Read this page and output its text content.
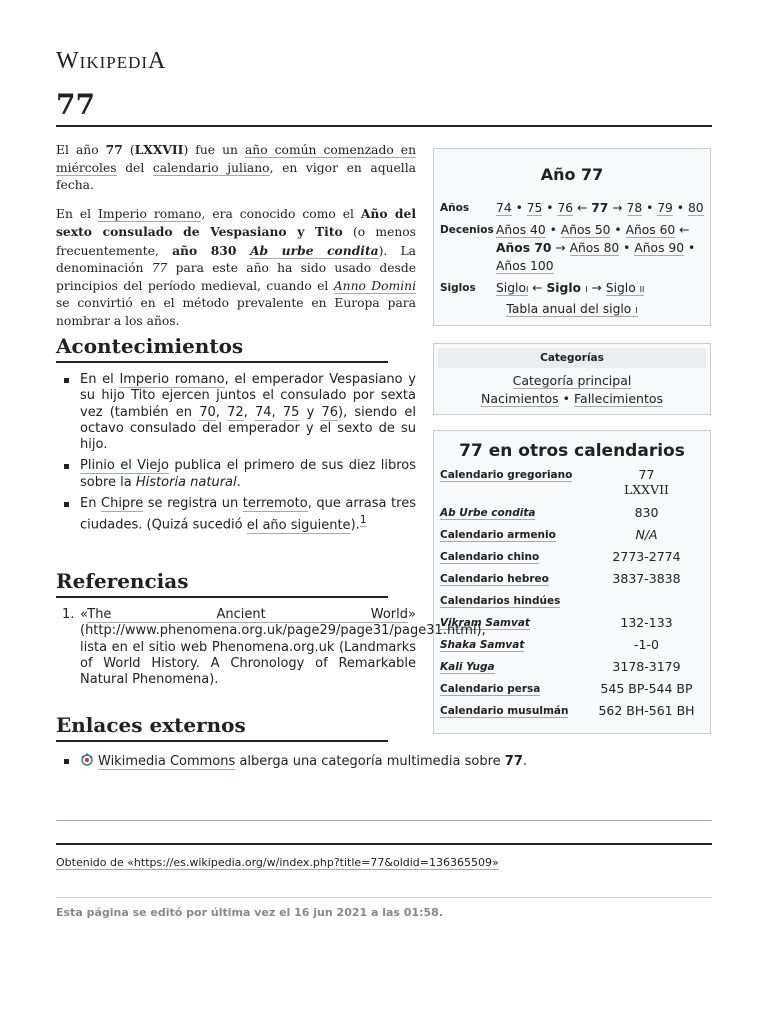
WIKIPEDIA
77

El año 77 (LXXVII) fue un año común comenzado en miércoles del calendario juliano, en vigor en aquella fecha.

En el Imperio romano, era conocido como el Año del sexto consulado de Vespasiano y Tito (o menos frecuentemente, año 830 Ab urbe condita). La denominación 77 para este año ha sido usado desde principios del período medieval, cuando el Anno Domini se convirtió en el método prevalente en Europa para nombrar a los años.

Año 77
Años 74 • 75 • 76 ← 77 → 78 • 79 • 80
Decenios Años 40 • Años 50 • Años 60 ← Años 70 → Años 80 • Años 90 • Años 100
Siglos SigloI ← Siglo I → Siglo II
Tabla anual del siglo I
Categorías
Categoría principal
Nacimientos • Fallecimientos
77 en otros calendarios
Calendario gregoriano	77
LXXVII
Ab Urbe condita	830
Calendario armenio	N/A
Calendario chino	2773-2774
Calendario hebreo	3837-3838
Calendarios hindúes	
Vikram Samvat	132-133
Shaka Samvat	-1-0
Kali Yuga	3178-3179
Calendario persa	545 BP-544 BP
Calendario musulmán	562 BH-561 BH
Acontecimientos
En el Imperio romano, el emperador Vespasiano y su hijo Tito ejercen juntos el consulado por sexta vez (también en 70, 72, 74, 75 y 76), siendo el octavo consulado del emperador y el sexto de su hijo.
Plinio el Viejo publica el primero de sus diez libros sobre la Historia natural.
En Chipre se registra un terremoto, que arrasa tres ciudades. (Quizá sucedió el año siguiente).$^1$
Referencias
1. «The Ancient World» (http://www.phenomena.org.uk/page29/page31/page31.html), lista en el sitio web Phenomena.org.uk (Landmarks of World History. A Chronology of Remarkable Natural Phenomena).
Enlaces externos
Wikimedia Commons alberga una categoría multimedia sobre 77.
Obtenido de «https://es.wikipedia.org/w/index.php?title=77&oldid=136365509»
Esta página se editó por última vez el 16 jun 2021 a las 01:58.
